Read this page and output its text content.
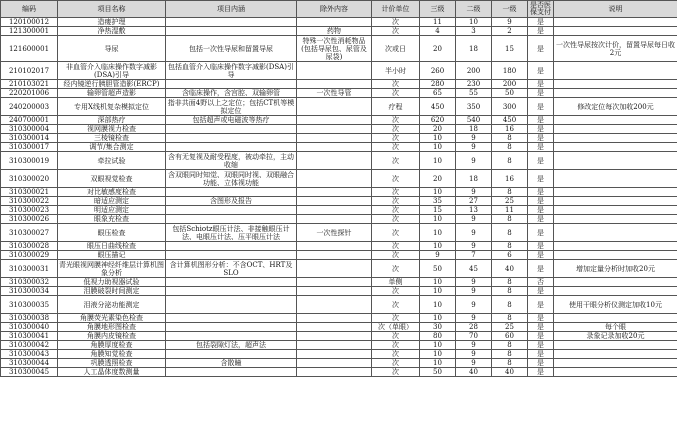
编码	项目名称	项目内涵	除外内容	计价单位	三级	二级	一级	是否医保支付	说明
120100012	造瘘护理			次	11	10	9	是	
121300001	净热湿敷		药物	次	4	3	2	是	
121600001	导尿	包括一次性导尿和留置导尿	特殊一次性消耗物品(包括导尿包、尿管及尿袋)	次或日	20	18	15	是	一次性导尿按次计价，留置导尿每日收2元
210102017	非血管介入临床操作数字减影(DSA)引导	包括血管介入临床操作数字减影(DSA)引导		半小时	260	200	180	是	
210103021	经内镜逆行胰胆管造影(ERCP)			次	280	230	200	是	
220201006	输卵管超声造影	含临床操作，含宫腔、双输卵管	一次性导管	次	65	55	50	是	
240200003	专用X线机复杂模拟定位	指非共面4野以上之定位；包括CT机等模拟定位		疗程	450	350	300	是	修改定位每次加收200元
240700001	深部热疗	包括超声或电磁波等热疗		次	620	540	450	是	
310300004	视网膜视力检查			次	20	18	16	是	
310300014	三棱镜检查			次	10	9	8	是	
310300017	调节/集合测定			次	10	9	8	是	
310300019	牵拉试验	含有无复视及耐受程度，被动牵拉，主动收缩		次	10	9	8	是	
310300020	双眼视觉检查	含双眼同时知觉、双眼同时视、双眼融合功能、立体视功能		次	20	18	16	是	
310300021	对比敏感度检查			次	10	9	8	是	
310300022	暗适应测定	含图形及报告		次	35	27	25	是	
310300023	明适应测定			次	15	13	11	是	
310300026	眼象充检查			次	10	9	8	是	
310300027	眼压检查	包括Schiotz眼压计法、非接触眼压计法、电眼压计法、压平眼压计法	一次性探针	次	10	9	8	是	
310300028	眼压日曲线检查			次	10	9	8	是	
310300029	眼压描记			次	9	7	6	是	
310300031	青光眼视网膜神经纤维层计算机图象分析	含计算机图形分析：不含OCT、HRT及SLO		次	50	45	40	是	增加定量分析时加收20元
310300032	低视力助视器试验			单侧	10	9	8	否	
310300034	泪膜破裂时间测定			次	10	9	8	是	
310300035	泪液分泌功能测定			次	10	9	8	是	使用干眼分析仪测定加收10元
310300038	角膜荧光素染色检查			次	10	9	8	是	
310300040	角膜地形图检查			次（单眼）	30	28	25	是	每个眼
310300041	角膜内皮镜检查			次	80	70	60	是	录象记录加收20元
310300042	角膜厚度检查	包括裂隙灯法，超声法		次	10	9	8	是	
310300043	角膜知觉检查			次	10	9	8	是	
310300044	巩膜透照检查	含散瞳		次	10	9	8	是	
310300045	人工晶体度数测量			次	50	40	40	是	
